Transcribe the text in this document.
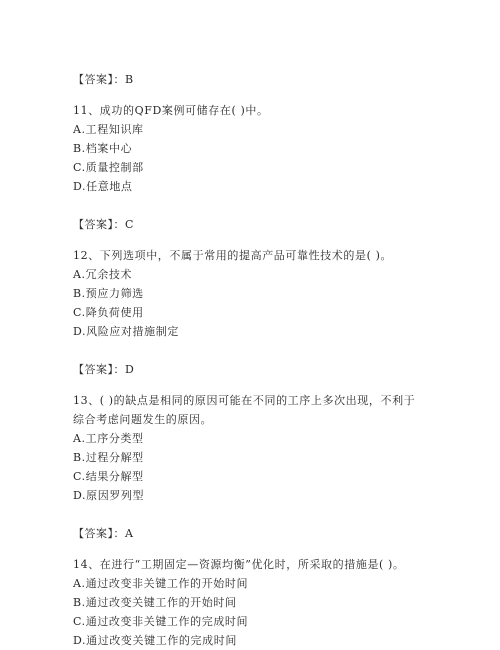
【答案】：B
11、成功的QFD案例可储存在( )中。
A.工程知识库
B.档案中心
C.质量控制部
D.任意地点
【答案】：C
12、下列选项中，不属于常用的提高产品可靠性技术的是( )。
A.冗余技术
B.预应力筛选
C.降负荷使用
D.风险应对措施制定
【答案】：D
13、( )的缺点是相同的原因可能在不同的工序上多次出现，不利于
综合考虑问题发生的原因。
A.工序分类型
B.过程分解型
C.结果分解型
D.原因罗列型
【答案】：A
14、在进行“工期固定—资源均衡”优化时，所采取的措施是( )。
A.通过改变非关键工作的开始时间
B.通过改变关键工作的开始时间
C.通过改变非关键工作的完成时间
D.通过改变关键工作的完成时间
